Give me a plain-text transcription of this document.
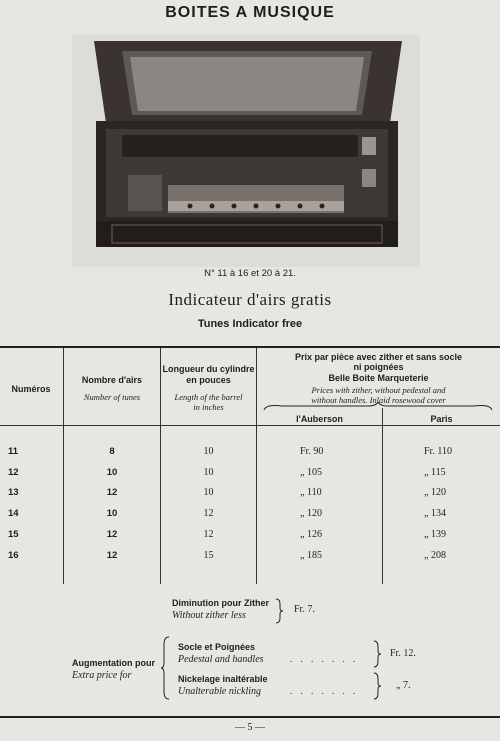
BOITES A MUSIQUE
N° 11 à 16 et 20 à 21.
Indicateur d'airs gratis
Tunes Indicator free
Numéros
Nombre d'airs
Number of tunes
Longueur du cylindre
en pouces
Length of the barrel
in inches
Prix par pièce avec zither et sans socle
ni poignées
Belle Boite Marqueterie
Prices with zither, without pedestal and
without handles. Inlaid rosewood cover
l'Auberson	Paris
11	8	10	Fr. 90	Fr. 110
12	10	10	„ 105	„ 115
13	12	10	„ 110	„ 120
14	10	12	„ 120	„ 134
15	12	12	„ 126	„ 139
16	12	15	„ 185	„ 208
Diminution pour Zither
Without zither less
Fr. 7.
Augmentation pour
Extra price for
Socle et Poignées
Pedestal and handles	. . . . . . .	Fr. 12.
Nickelage inaltérable
Unalterable nickling	. . . . . . .	„ 7.
— 5 —
